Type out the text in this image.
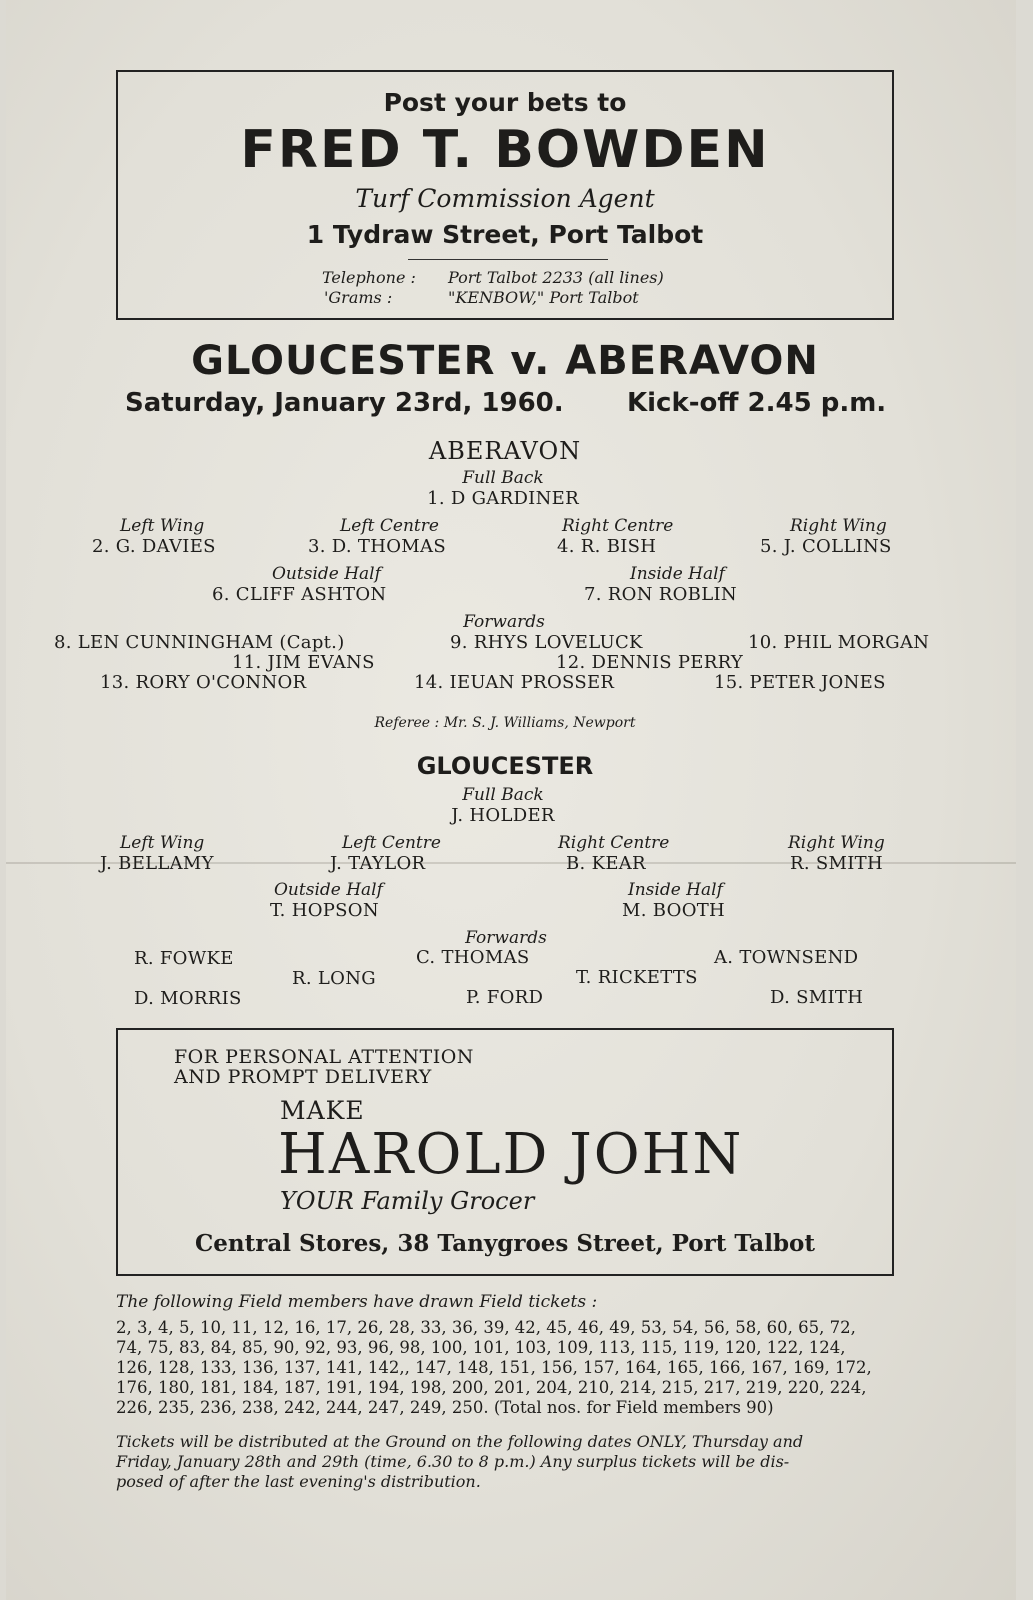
Post your bets to
FRED T. BOWDEN
Turf Commission Agent
1 Tydraw Street, Port Talbot
Telephone : Port Talbot 2233 (all lines)
'Grams :	"KENBOW," Port Talbot
GLOUCESTER v. ABERAVON
Saturday, January 23rd, 1960. Kick-off 2.45 p.m.
ABERAVON
Full Back
1. D GARDINER
Left Wing
2. G. DAVIES
Left Centre
3. D. THOMAS
Right Centre
4. R. BISH
Right Wing
5. J. COLLINS
Outside Half
6. CLIFF ASHTON
Inside Half
7. RON ROBLIN
Forwards
8. LEN CUNNINGHAM (Capt.)	9. RHYS LOVELUCK	10. PHIL MORGAN
11. JIM EVANS	12. DENNIS PERRY
13. RORY O'CONNOR	14. IEUAN PROSSER	15. PETER JONES
Referee : Mr. S. J. Williams, Newport
GLOUCESTER
Full Back
J. HOLDER
Left Wing
J. BELLAMY
Left Centre
J. TAYLOR
Right Centre
B. KEAR
Right Wing
R. SMITH
Outside Half
T. HOPSON
Inside Half
M. BOOTH
Forwards
R. FOWKE	C. THOMAS	A. TOWNSEND
R. LONG	T. RICKETTS
D. MORRIS	P. FORD	D. SMITH
FOR PERSONAL ATTENTION
AND PROMPT DELIVERY
MAKE
HAROLD JOHN
YOUR Family Grocer
Central Stores, 38 Tanygroes Street, Port Talbot
The following Field members have drawn Field tickets :
2, 3, 4, 5, 10, 11, 12, 16, 17, 26, 28, 33, 36, 39, 42, 45, 46, 49, 53, 54, 56, 58, 60, 65, 72,
74, 75, 83, 84, 85, 90, 92, 93, 96, 98, 100, 101, 103, 109, 113, 115, 119, 120, 122, 124,
126, 128, 133, 136, 137, 141, 142,, 147, 148, 151, 156, 157, 164, 165, 166, 167, 169, 172,
176, 180, 181, 184, 187, 191, 194, 198, 200, 201, 204, 210, 214, 215, 217, 219, 220, 224,
226, 235, 236, 238, 242, 244, 247, 249, 250. (Total nos. for Field members 90)
Tickets will be distributed at the Ground on the following dates ONLY, Thursday and
Friday, January 28th and 29th (time, 6.30 to 8 p.m.) Any surplus tickets will be dis-
posed of after the last evening's distribution.
